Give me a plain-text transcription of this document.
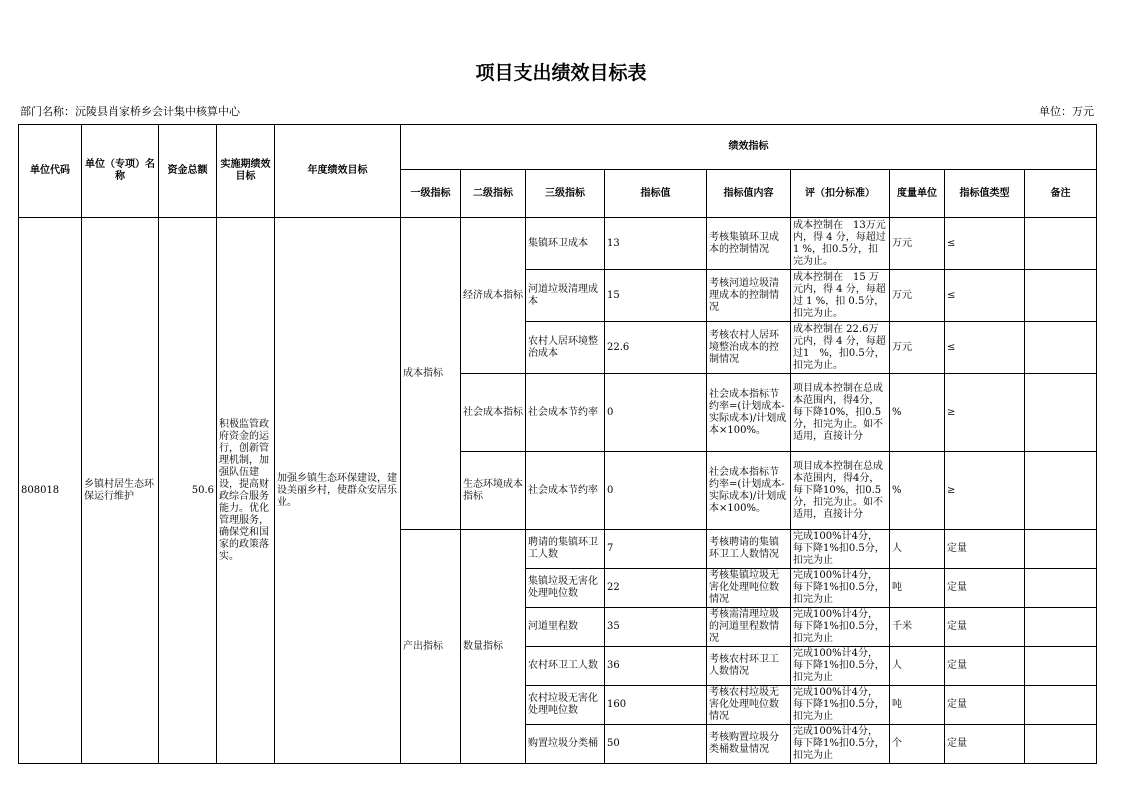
项目支出绩效目标表
部门名称：沅陵县肖家桥乡会计集中核算中心	单位：万元
单位代码	单位（专项）名称	资金总额	实施期绩效目标	年度绩效目标	绩效指标								
					一级指标	二级指标	三级指标	指标值	指标值内容	评（扣分标准）	度量单位	指标值类型	备注
808018	乡镇村居生态环保运行维护	50.6	积极监管政府资金的运行，创新管理机制，加强队伍建设，提高财政综合服务能力。优化管理服务，确保党和国家的政策落实。	加强乡镇生态环保建设，建设美丽乡村，使群众安居乐业。	成本指标	经济成本指标	集镇环卫成本	13	考核集镇环卫成本的控制情况	成本控制在　13万元内，得 4 分，每超过1 %，扣0.5分，扣完为止。	万元	≤	
							河道垃圾清理成本	15	考核河道垃圾清理成本的控制情况	成本控制在　15 万元内，得 4 分，每超过 1 %，扣 0.5分，扣完为止。	万元	≤	
							农村人居环境整治成本	22.6	考核农村人居环境整治成本的控制情况	成本控制在 22.6万元内，得 4 分，每超过1　%，扣0.5分，扣完为止。	万元	≤	
						社会成本指标	社会成本节约率	0	社会成本指标节约率=(计划成本-实际成本)/计划成本×100%。	项目成本控制在总成本范围内，得4分，每下降10%，扣0.5分，扣完为止。如不适用，直接计分	%	≥	
						生态环境成本指标	社会成本节约率	0	社会成本指标节约率=(计划成本-实际成本)/计划成本×100%。	项目成本控制在总成本范围内，得4分，每下降10%，扣0.5分，扣完为止。如不适用，直接计分	%	≥	
					产出指标	数量指标	聘请的集镇环卫工人数	7	考核聘请的集镇环卫工人数情况	完成100%计4分，每下降1%扣0.5分，扣完为止	人	定量	
							集镇垃圾无害化处理吨位数	22	考核集镇垃圾无害化处理吨位数情况	完成100%计4分，每下降1%扣0.5分，扣完为止	吨	定量	
							河道里程数	35	考核需清理垃圾的河道里程数情况	完成100%计4分，每下降1%扣0.5分，扣完为止	千米	定量	
							农村环卫工人数	36	考核农村环卫工人数情况	完成100%计4分，每下降1%扣0.5分，扣完为止	人	定量	
							农村垃圾无害化处理吨位数	160	考核农村垃圾无害化处理吨位数情况	完成100%计4分，每下降1%扣0.5分，扣完为止	吨	定量	
							购置垃圾分类桶	50	考核购置垃圾分类桶数量情况	完成100%计4分，每下降1%扣0.5分，扣完为止	个	定量	
